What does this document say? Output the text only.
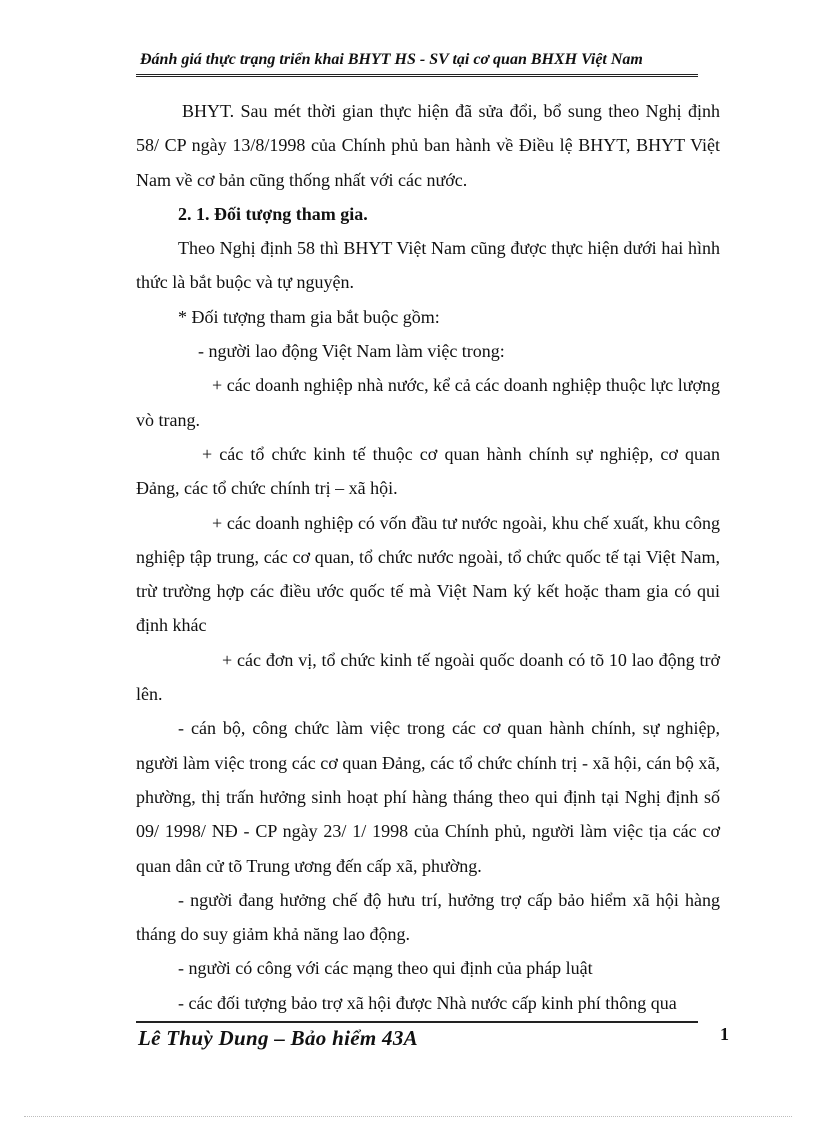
Đánh giá thực trạng triển khai BHYT HS - SV tại cơ quan BHXH Việt Nam

BHYT. Sau mét thời gian thực hiện đã sửa đổi, bổ sung theo Nghị định 58/ CP ngày 13/8/1998 của Chính phủ ban hành về Điều lệ BHYT, BHYT Việt Nam về cơ bản cũng thống nhất với các nước.

2. 1. Đối tượng tham gia.

Theo Nghị định 58 thì BHYT Việt Nam cũng được thực hiện dưới hai hình thức là bắt buộc và tự nguyện.

* Đối tượng tham gia bắt buộc gồm:

- người lao động Việt Nam làm việc trong:

+ các doanh nghiệp nhà nước, kể cả các doanh nghiệp thuộc lực lượng vò trang.

+ các tổ chức kinh tế thuộc cơ quan hành chính sự nghiệp, cơ quan Đảng, các tổ chức chính trị – xã hội.

+ các doanh nghiệp có vốn đầu tư nước ngoài, khu chế xuất, khu công nghiệp tập trung, các cơ quan, tổ chức nước ngoài, tổ chức quốc tế tại Việt Nam, trừ trường hợp các điều ước quốc tế mà Việt Nam ký kết hoặc tham gia có qui định khác

+ các đơn vị, tổ chức kinh tế ngoài quốc doanh có tõ 10 lao động trở lên.

- cán bộ, công chức làm việc trong các cơ quan hành chính, sự nghiệp, người làm việc trong các cơ quan Đảng, các tổ chức chính trị - xã hội, cán bộ xã, phường, thị trấn hưởng sinh hoạt phí hàng tháng theo qui định tại Nghị định số 09/ 1998/ NĐ - CP ngày 23/ 1/ 1998 của Chính phủ, người làm việc tịa các cơ quan dân cử tõ Trung ương đến cấp xã, phường.

- người đang hưởng chế độ hưu trí, hưởng trợ cấp bảo hiểm xã hội hàng tháng do suy giảm khả năng lao động.

- người có công với các mạng theo qui định của pháp luật

- các đối tượng bảo trợ xã hội được Nhà nước cấp kinh phí thông qua

Lê Thuỳ Dung – Bảo hiểm 43A	1
